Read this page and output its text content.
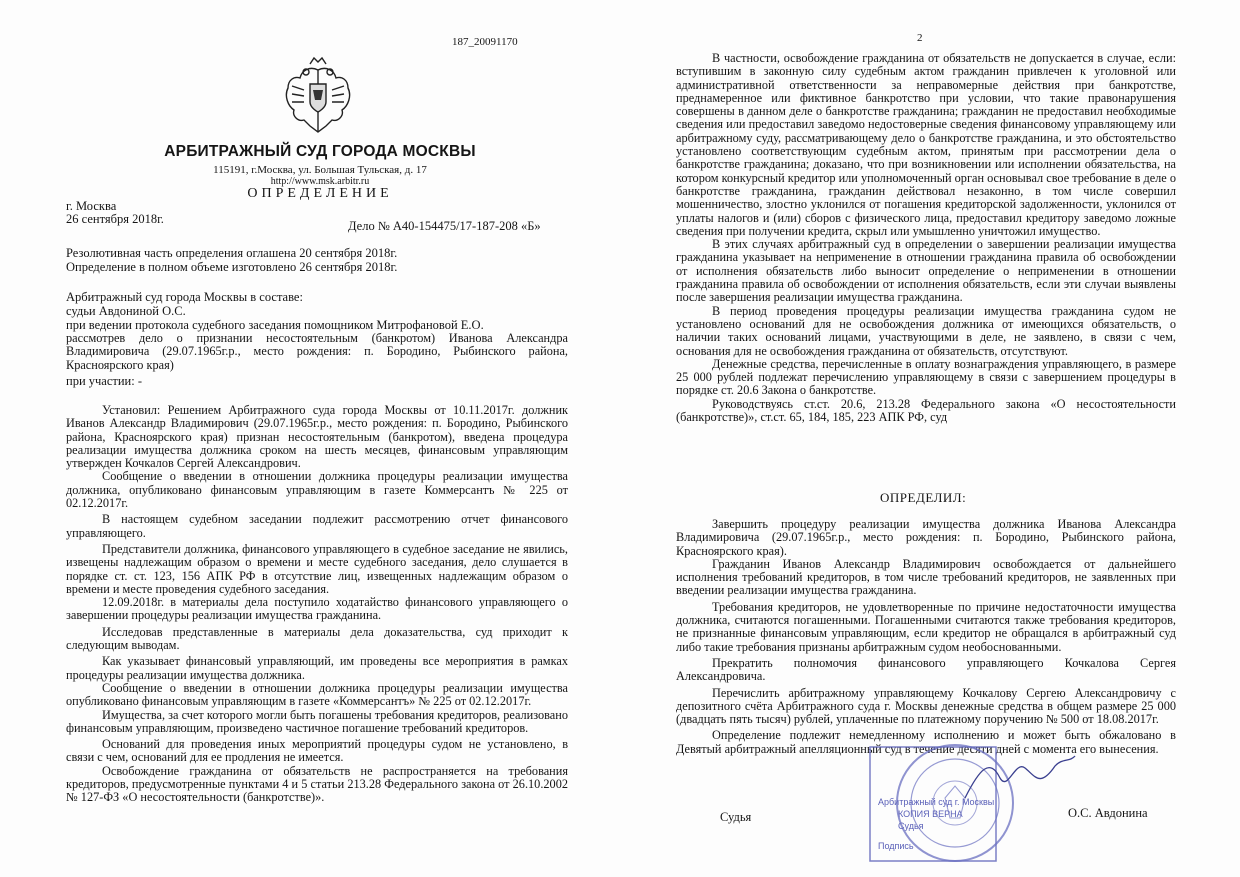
187_20091170
АРБИТРАЖНЫЙ СУД ГОРОДА МОСКВЫ
115191, г.Москва, ул. Большая Тульская, д. 17
http://www.msk.arbitr.ru
ОПРЕДЕЛЕНИЕ
г. Москва
26 сентября 2018г.	Дело № А40-154475/17-187-208 «Б»
Резолютивная часть определения оглашена 20 сентября 2018г.
Определение в полном объеме изготовлено 26 сентября 2018г.
Арбитражный суд города Москвы в составе:
судьи Авдониной О.С.
при ведении протокола судебного заседания помощником Митрофановой Е.О.

рассмотрев дело о признании несостоятельным (банкротом) Иванова Александра Владимировича (29.07.1965г.р., место рождения: п. Бородино, Рыбинского района, Красноярского края)

при участии: -

Установил: Решением Арбитражного суда города Москвы от 10.11.2017г. должник Иванов Александр Владимирович (29.07.1965г.р., место рождения: п. Бородино, Рыбинского района, Красноярского края) признан несостоятельным (банкротом), введена процедура реализации имущества должника сроком на шесть месяцев, финансовым управляющим утвержден Кочкалов Сергей Александрович.

Сообщение о введении в отношении должника процедуры реализации имущества должника, опубликовано финансовым управляющим в газете Коммерсантъ № 225 от 02.12.2017г.

В настоящем судебном заседании подлежит рассмотрению отчет финансового управляющего.

Представители должника, финансового управляющего в судебное заседание не явились, извещены надлежащим образом о времени и месте судебного заседания, дело слушается в порядке ст. ст. 123, 156 АПК РФ в отсутствие лиц, извещенных надлежащим образом о времени и месте проведения судебного заседания.

12.09.2018г. в материалы дела поступило ходатайство финансового управляющего о завершении процедуры реализации имущества гражданина.

Исследовав представленные в материалы дела доказательства, суд приходит к следующим выводам.

Как указывает финансовый управляющий, им проведены все мероприятия в рамках процедуры реализации имущества должника.

Сообщение о введении в отношении должника процедуры реализации имущества опубликовано финансовым управляющим в газете «Коммерсантъ» № 225 от 02.12.2017г.

Имущества, за счет которого могли быть погашены требования кредиторов, реализовано финансовым управляющим, произведено частичное погашение требований кредиторов.

Оснований для проведения иных мероприятий процедуры судом не установлено, в связи с чем, оснований для ее продления не имеется.

Освобождение гражданина от обязательств не распространяется на требования кредиторов, предусмотренные пунктами 4 и 5 статьи 213.28 Федерального закона от 26.10.2002 № 127-ФЗ «О несостоятельности (банкротстве)».

2

В частности, освобождение гражданина от обязательств не допускается в случае, если: вступившим в законную силу судебным актом гражданин привлечен к уголовной или административной ответственности за неправомерные действия при банкротстве, преднамеренное или фиктивное банкротство при условии, что такие правонарушения совершены в данном деле о банкротстве гражданина; гражданин не предоставил необходимые сведения или предоставил заведомо недостоверные сведения финансовому управляющему или арбитражному суду, рассматривающему дело о банкротстве гражданина, и это обстоятельство установлено соответствующим судебным актом, принятым при рассмотрении дела о банкротстве гражданина; доказано, что при возникновении или исполнении обязательства, на котором конкурсный кредитор или уполномоченный орган основывал свое требование в деле о банкротстве гражданина, гражданин действовал незаконно, в том числе совершил мошенничество, злостно уклонился от погашения кредиторской задолженности, уклонился от уплаты налогов и (или) сборов с физического лица, предоставил кредитору заведомо ложные сведения при получении кредита, скрыл или умышленно уничтожил имущество.

В этих случаях арбитражный суд в определении о завершении реализации имущества гражданина указывает на неприменение в отношении гражданина правила об освобождении от исполнения обязательств либо выносит определение о неприменении в отношении гражданина правила об освобождении от исполнения обязательств, если эти случаи выявлены после завершения реализации имущества гражданина.

В период проведения процедуры реализации имущества гражданина судом не установлено оснований для не освобождения должника от имеющихся обязательств, о наличии таких оснований лицами, участвующими в деле, не заявлено, в связи с чем, основания для не освобождения гражданина от обязательств, отсутствуют.

Денежные средства, перечисленные в оплату вознаграждения управляющего, в размере 25 000 рублей подлежат перечислению управляющему в связи с завершением процедуры в порядке ст. 20.6 Закона о банкротстве.

Руководствуясь ст.ст. 20.6, 213.28 Федерального закона «О несостоятельности (банкротстве)», ст.ст. 65, 184, 185, 223 АПК РФ, суд

ОПРЕДЕЛИЛ:

Завершить процедуру реализации имущества должника Иванова Александра Владимировича (29.07.1965г.р., место рождения: п. Бородино, Рыбинского района, Красноярского края).

Гражданин Иванов Александр Владимирович освобождается от дальнейшего исполнения требований кредиторов, в том числе требований кредиторов, не заявленных при введении реализации имущества гражданина.

Требования кредиторов, не удовлетворенные по причине недостаточности имущества должника, считаются погашенными. Погашенными считаются также требования кредиторов, не признанные финансовым управляющим, если кредитор не обращался в арбитражный суд либо такие требования признаны арбитражным судом необоснованными.

Прекратить полномочия финансового управляющего Кочкалова Сергея Александровича.

Перечислить арбитражному управляющему Кочкалову Сергею Александровичу с депозитного счёта Арбитражного суда г. Москвы денежные средства в общем размере 25 000 (двадцать пять тысяч) рублей, уплаченные по платежному поручению № 500 от 18.08.2017г.

Определение подлежит немедленному исполнению и может быть обжаловано в Девятый арбитражный апелляционный суд в течение десяти дней с момента его вынесения.

Судья	О.С. Авдонина
Арбитражный суд г. Москвы
КОПИЯ ВЕРНА
Судья
Подпись
